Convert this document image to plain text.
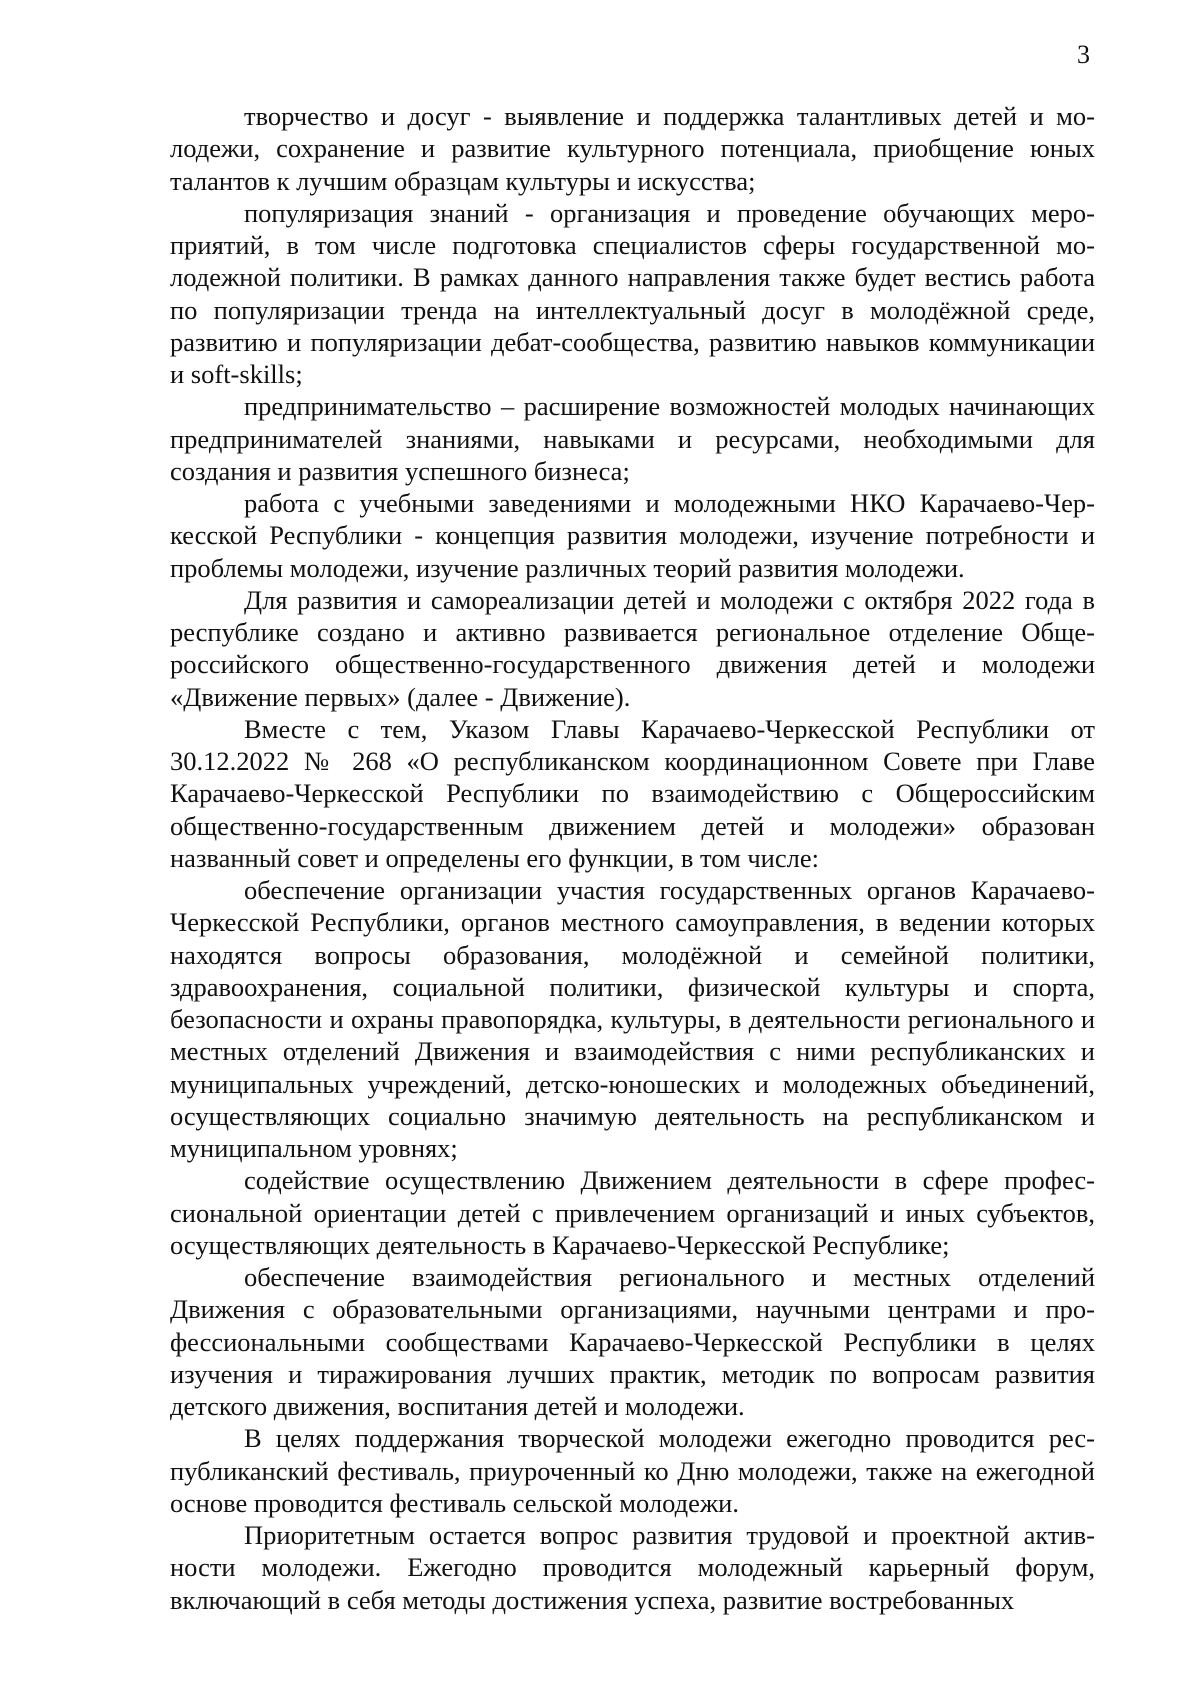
3

творчество и досуг - выявление и поддержка талантливых детей и молодежи, сохранение и развитие культурного потенциала, приобщение юных талантов к лучшим образцам культуры и искусства;

популяризация знаний - организация и проведение обучающих мероприятий, в том числе подготовка специалистов сферы государственной молодежной политики. В рамках данного направления также будет вестись работа по популяризации тренда на интеллектуальный досуг в молодёжной среде, развитию и популяризации дебат-сообщества, развитию навыков коммуникации и soft-skills;

предпринимательство – расширение возможностей молодых начинающих предпринимателей знаниями, навыками и ресурсами, необходимыми для создания и развития успешного бизнеса;

работа с учебными заведениями и молодежными НКО Карачаево-Черкесской Республики - концепция развития молодежи, изучение потребности и проблемы молодежи, изучение различных теорий развития молодежи.

Для развития и самореализации детей и молодежи с октября 2022 года в республике создано и активно развивается региональное отделение Общероссийского общественно-государственного движения детей и молодежи «Движение первых» (далее - Движение).

Вместе с тем, Указом Главы Карачаево-Черкесской Республики от 30.12.2022 № 268 «О республиканском координационном Совете при Главе Карачаево-Черкесской Республики по взаимодействию с Общероссийским общественно-государственным движением детей и молодежи» образован названный совет и определены его функции, в том числе:

обеспечение организации участия государственных органов Карачаево-Черкесской Республики, органов местного самоуправления, в ведении которых находятся вопросы образования, молодёжной и семейной политики, здравоохранения, социальной политики, физической культуры и спорта, безопасности и охраны правопорядка, культуры, в деятельности регионального и местных отделений Движения и взаимодействия с ними республиканских и муниципальных учреждений, детско-юношеских и молодежных объединений, осуществляющих социально значимую деятельность на республиканском и муниципальном уровнях;

содействие осуществлению Движением деятельности в сфере профессиональной ориентации детей с привлечением организаций и иных субъектов, осуществляющих деятельность в Карачаево-Черкесской Республике;

обеспечение взаимодействия регионального и местных отделений Движения с образовательными организациями, научными центрами и профессиональными сообществами Карачаево-Черкесской Республики в целях изучения и тиражирования лучших практик, методик по вопросам развития детского движения, воспитания детей и молодежи.

В целях поддержания творческой молодежи ежегодно проводится республиканский фестиваль, приуроченный ко Дню молодежи, также на ежегодной основе проводится фестиваль сельской молодежи.

Приоритетным остается вопрос развития трудовой и проектной активности молодежи. Ежегодно проводится молодежный карьерный форум, включающий в себя методы достижения успеха, развитие востребованных
